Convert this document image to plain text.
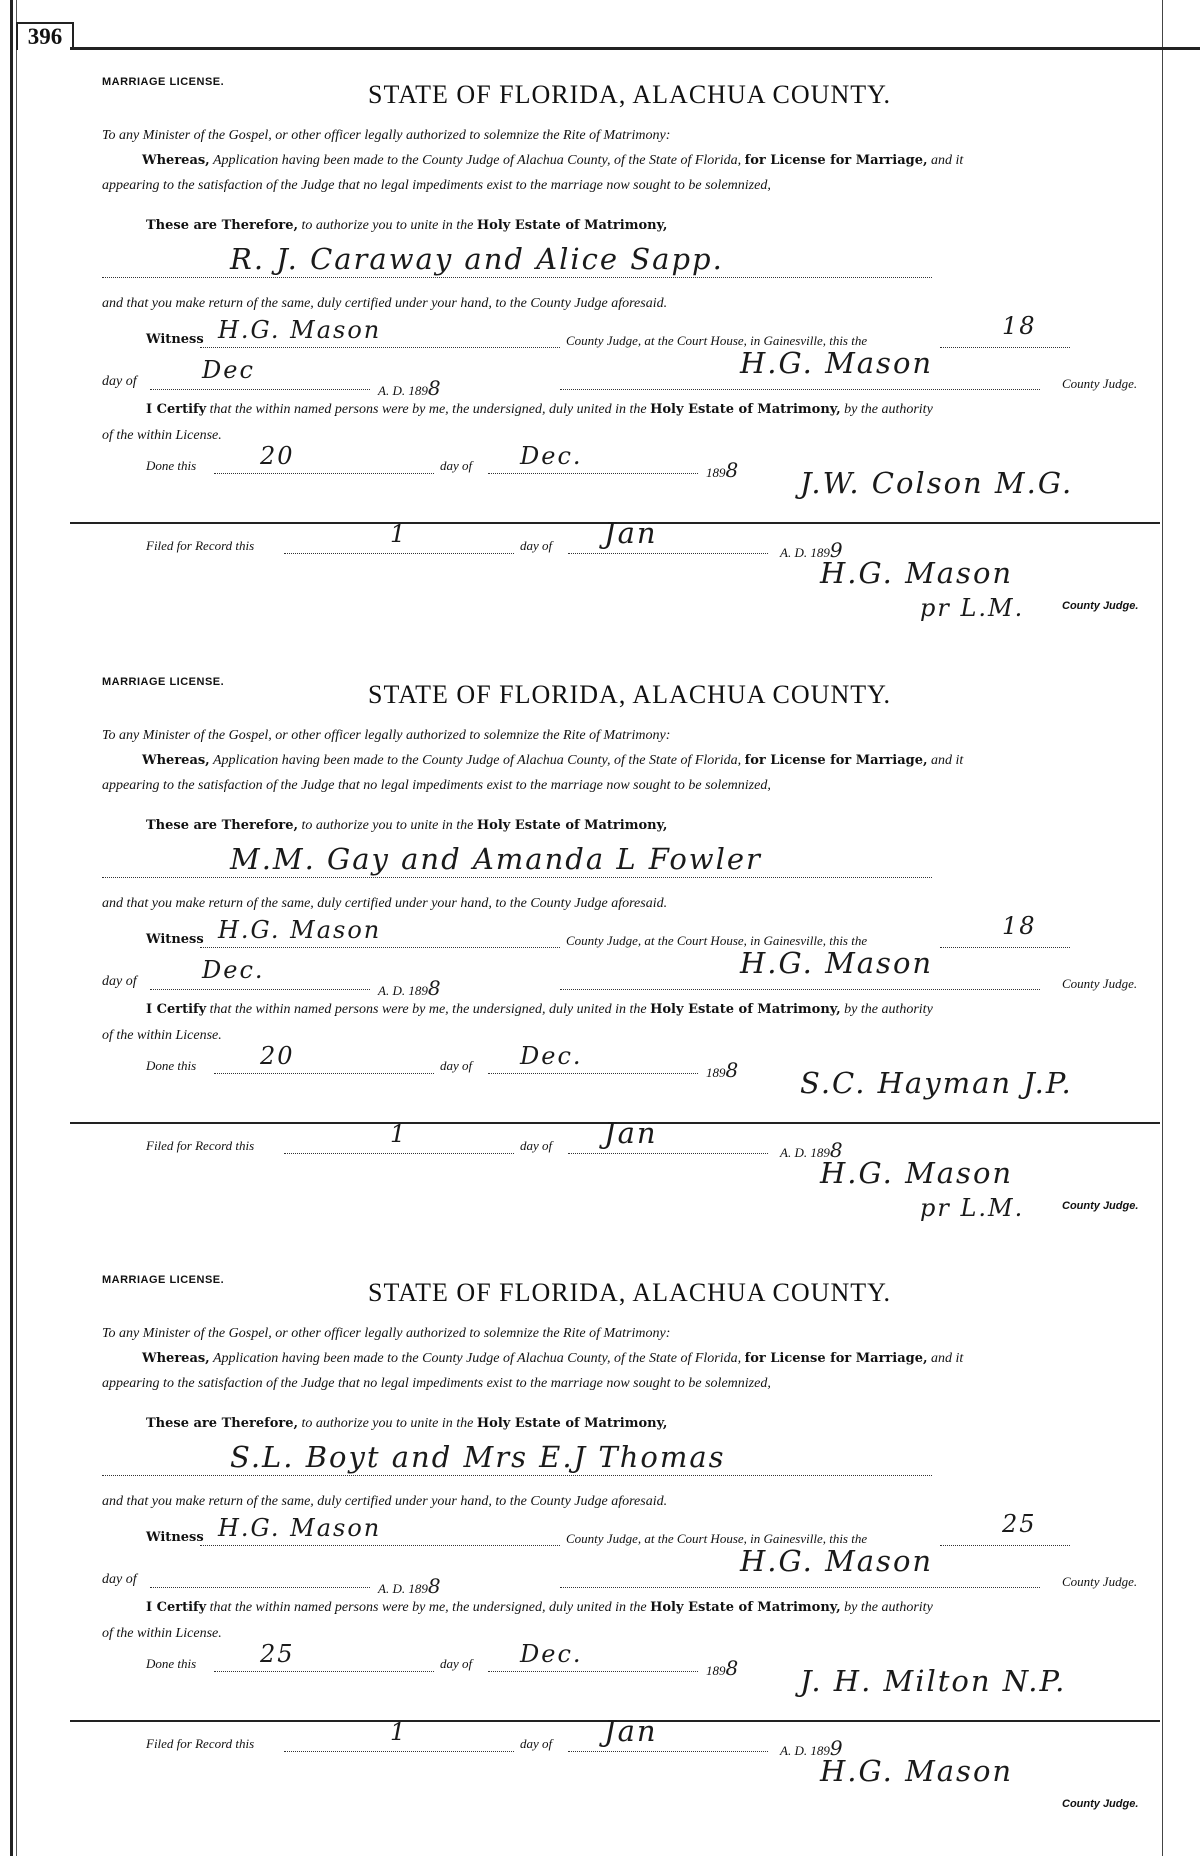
396
MARRIAGE LICENSE.	STATE OF FLORIDA, ALACHUA COUNTY.
To any Minister of the Gospel, or other officer legally authorized to solemnize the Rite of Matrimony:
Whereas, Application having been made to the County Judge of Alachua County, of the State of Florida, for License for Marriage, and it
appearing to the satisfaction of the Judge that no legal impediments exist to the marriage now sought to be solemnized,
These are Therefore, to authorize you to unite in the Holy Estate of Matrimony,
R. J. Caraway and Alice Sapp.
and that you make return of the same, duly certified under your hand, to the County Judge aforesaid.
Witness H.G. Mason	County Judge, at the Court House, in Gainesville, this the
18
day of	Dec
A. D. 1898
H.G. Mason
County Judge.
I Certify that the within named persons were by me, the undersigned, duly united in the Holy Estate of Matrimony, by the authority
of the within License.
Done this	20	day of Dec.
1898 J.W. Colson M.G.
Filed for Record this	1	day of Jan
A. D. 1899
H.G. Mason
pr L.M.	County Judge.
MARRIAGE LICENSE.	STATE OF FLORIDA, ALACHUA COUNTY.
To any Minister of the Gospel, or other officer legally authorized to solemnize the Rite of Matrimony:
Whereas, Application having been made to the County Judge of Alachua County, of the State of Florida, for License for Marriage, and it
appearing to the satisfaction of the Judge that no legal impediments exist to the marriage now sought to be solemnized,
These are Therefore, to authorize you to unite in the Holy Estate of Matrimony,
M.M. Gay and Amanda L Fowler
and that you make return of the same, duly certified under your hand, to the County Judge aforesaid.
Witness H.G. Mason	County Judge, at the Court House, in Gainesville, this the
18
day of	Dec.
A. D. 1898
H.G. Mason
County Judge.
I Certify that the within named persons were by me, the undersigned, duly united in the Holy Estate of Matrimony, by the authority
of the within License.
Done this	20	day of Dec.
1898 S.C. Hayman J.P.
Filed for Record this	1	day of Jan
A. D. 1898
H.G. Mason
pr L.M.	County Judge.
MARRIAGE LICENSE.	STATE OF FLORIDA, ALACHUA COUNTY.
To any Minister of the Gospel, or other officer legally authorized to solemnize the Rite of Matrimony:
Whereas, Application having been made to the County Judge of Alachua County, of the State of Florida, for License for Marriage, and it
appearing to the satisfaction of the Judge that no legal impediments exist to the marriage now sought to be solemnized,
These are Therefore, to authorize you to unite in the Holy Estate of Matrimony,
S.L. Boyt and Mrs E.J Thomas
and that you make return of the same, duly certified under your hand, to the County Judge aforesaid.
Witness H.G. Mason	County Judge, at the Court House, in Gainesville, this the
25
day of
A. D. 1898
H.G. Mason
County Judge.
I Certify that the within named persons were by me, the undersigned, duly united in the Holy Estate of Matrimony, by the authority
of the within License.
Done this	25	day of Dec.
1898 J. H. Milton N.P.
Filed for Record this	1	day of Jan
A. D. 1899
H.G. Mason
County Judge.
